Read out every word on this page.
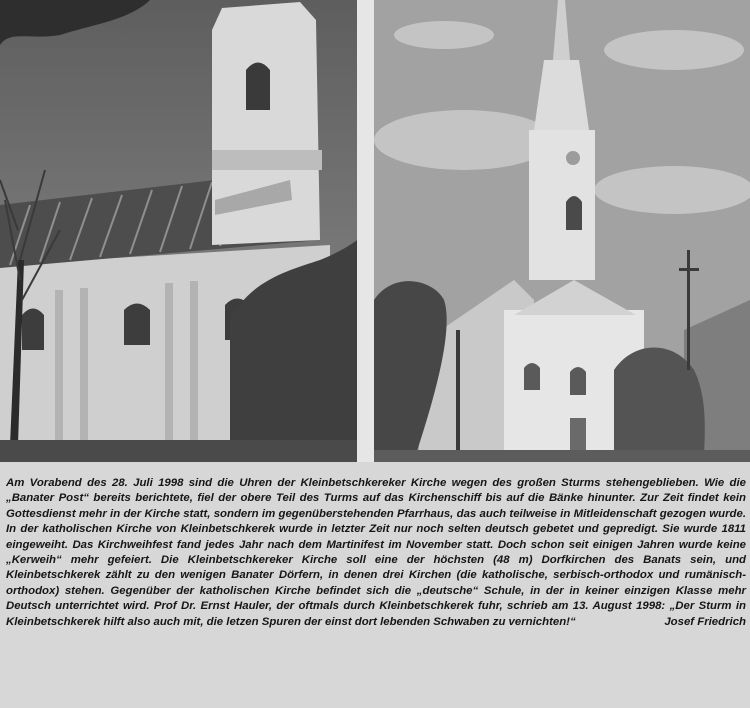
Am Vorabend des 28. Juli 1998 sind die Uhren der Kleinbetschkereker Kirche wegen des großen Sturms stehengeblieben. Wie die „Banater Post“ bereits berichtete, fiel der obere Teil des Turms auf das Kirchenschiff bis auf die Bänke hinunter. Zur Zeit findet kein Gottesdienst mehr in der Kirche statt, sondern im gegenüberstehenden Pfarrhaus, das auch teilweise in Mitleidenschaft gezogen wurde. In der katholischen Kirche von Kleinbetschkerek wurde in letzter Zeit nur noch selten deutsch gebetet und gepredigt. Sie wurde 1811 eingeweiht. Das Kirchweihfest fand jedes Jahr nach dem Martinifest im November statt. Doch schon seit einigen Jahren wurde keine „Kerweih“ mehr gefeiert. Die Kleinbetschkereker Kirche soll eine der höchsten (48 m) Dorfkirchen des Banats sein, und Kleinbetschkerek zählt zu den wenigen Banater Dörfern, in denen drei Kirchen (die katholische, serbisch-orthodox und rumänisch-orthodox) stehen. Gegenüber der katholischen Kirche befindet sich die „deutsche“ Schule, in der in keiner einzigen Klasse mehr Deutsch unterrichtet wird. Prof Dr. Ernst Hauler, der oftmals durch Kleinbetschkerek fuhr, schrieb am 13. August 1998: „Der Sturm in Kleinbetschkerek hilft also auch mit, die letzen Spuren der einst dort lebenden Schwaben zu vernichten!“	Josef Friedrich
